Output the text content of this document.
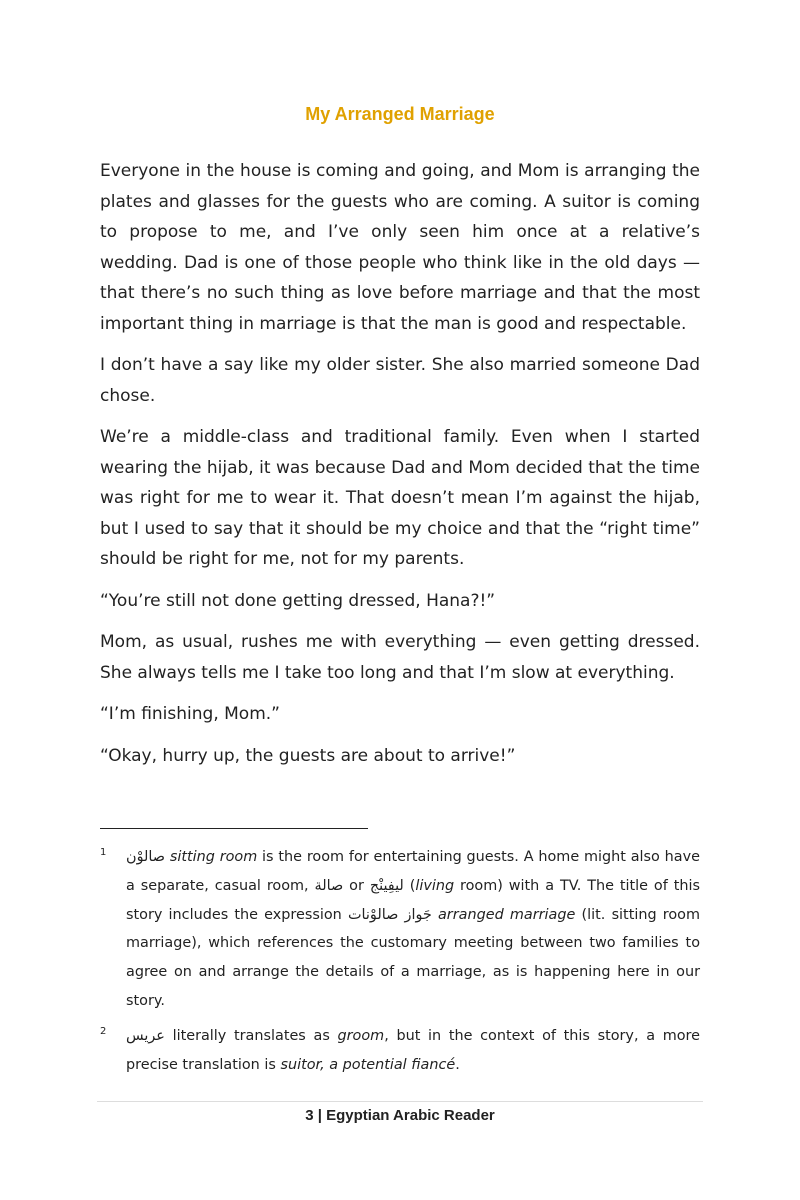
My Arranged Marriage

Everyone in the house is coming and going, and Mom is arranging the plates and glasses for the guests who are coming. A suitor is coming to propose to me, and I’ve only seen him once at a relative’s wedding. Dad is one of those people who think like in the old days — that there’s no such thing as love before marriage and that the most important thing in marriage is that the man is good and respectable.

I don’t have a say like my older sister. She also married someone Dad chose.

We’re a middle-class and traditional family. Even when I started wearing the hijab, it was because Dad and Mom decided that the time was right for me to wear it. That doesn’t mean I’m against the hijab, but I used to say that it should be my choice and that the “right time” should be right for me, not for my parents.

“You’re still not done getting dressed, Hana?!”

Mom, as usual, rushes me with everything — even getting dressed. She always tells me I take too long and that I’m slow at everything.

“I’m finishing, Mom.”

“Okay, hurry up, the guests are about to arrive!”

1 صالوْن sitting room is the room for entertaining guests. A home might also have a separate, casual room, صالة or ليفِينْج (living room) with a TV. The title of this story includes the expression جَواز صالوْنات arranged marriage (lit. sitting room marriage), which references the customary meeting between two families to agree on and arrange the details of a marriage, as is happening here in our story.
2 عريس literally translates as groom, but in the context of this story, a more precise translation is suitor, a potential fiancé.
3 | Egyptian Arabic Reader
